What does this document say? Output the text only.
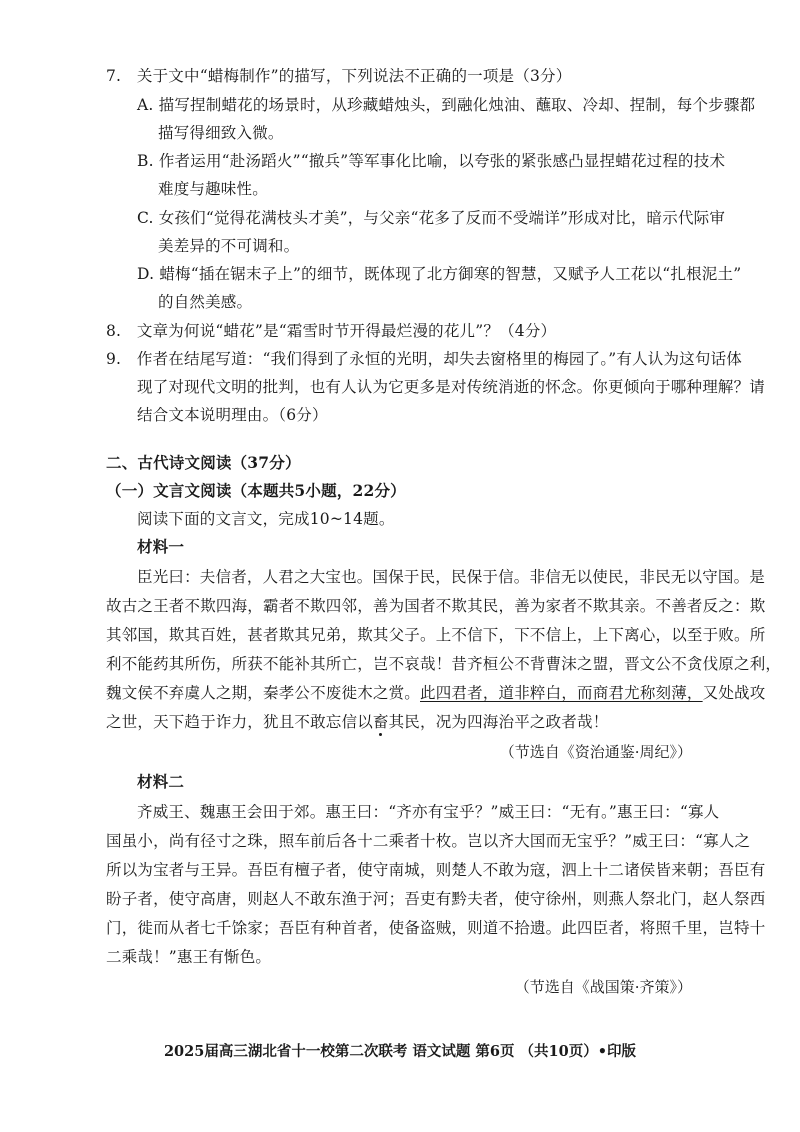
7.　关于文中“蜡梅制作”的描写，下列说法不正确的一项是（3分）
A. 描写捏制蜡花的场景时，从珍藏蜡烛头，到融化烛油、蘸取、冷却、捏制，每个步骤都
描写得细致入微。
B. 作者运用“赴汤蹈火”“撤兵”等军事化比喻，以夸张的紧张感凸显捏蜡花过程的技术
难度与趣味性。
C. 女孩们“觉得花满枝头才美”，与父亲“花多了反而不受端详”形成对比，暗示代际审
美差异的不可调和。
D. 蜡梅“插在锯末子上”的细节，既体现了北方御寒的智慧，又赋予人工花以“扎根泥土”
的自然美感。
8.　文章为何说“蜡花”是“霜雪时节开得最烂漫的花儿”？（4分）
9.　作者在结尾写道：“我们得到了永恒的光明，却失去窗格里的梅园了。”有人认为这句话体
现了对现代文明的批判，也有人认为它更多是对传统消逝的怀念。你更倾向于哪种理解？请
结合文本说明理由。（6分）
二、古代诗文阅读（37分）
（一）文言文阅读（本题共5小题，22分）
阅读下面的文言文，完成10~14题。
材料一
臣光曰：夫信者，人君之大宝也。国保于民，民保于信。非信无以使民，非民无以守国。是
故古之王者不欺四海，霸者不欺四邻，善为国者不欺其民，善为家者不欺其亲。不善者反之：欺
其邻国，欺其百姓，甚者欺其兄弟，欺其父子。上不信下，下不信上，上下离心，以至于败。所
利不能药其所伤，所获不能补其所亡，岂不哀哉！昔齐桓公不背曹沫之盟，晋文公不贪伐原之利，
魏文侯不弃虞人之期，秦孝公不废徙木之赏。此四君者，道非粹白，而商君尤称刻薄，又处战攻
之世，天下趋于诈力，犹且不敢忘信以畜其民，况为四海治平之政者哉！
（节选自《资治通鉴·周纪》）
材料二
齐威王、魏惠王会田于郊。惠王曰：“齐亦有宝乎？”威王曰：“无有。”惠王曰：“寡人
国虽小，尚有径寸之珠，照车前后各十二乘者十枚。岂以齐大国而无宝乎？”威王曰：“寡人之
所以为宝者与王异。吾臣有檀子者，使守南城，则楚人不敢为寇，泗上十二诸侯皆来朝；吾臣有
盼子者，使守高唐，则赵人不敢东渔于河；吾吏有黔夫者，使守徐州，则燕人祭北门，赵人祭西
门，徙而从者七千馀家；吾臣有种首者，使备盗贼，则道不拾遗。此四臣者，将照千里，岂特十
二乘哉！”惠王有惭色。
（节选自《战国策·齐策》）
2025届高三湖北省十一校第二次联考 语文试题 第6页 （共10页）•印版
